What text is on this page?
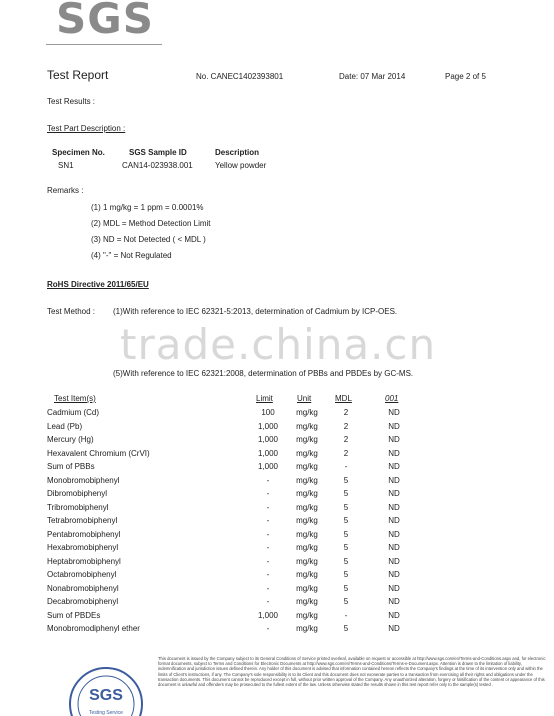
SGS
Test Report	No. CANEC1402393801	Date: 07 Mar 2014	Page 2 of 5
Test Results :
Test Part Description :
Specimen No.	SGS Sample ID	Description
SN1	CAN14-023938.001	Yellow powder
Remarks :
(1) 1 mg/kg = 1 ppm = 0.0001%
(2) MDL = Method Detection Limit
(3) ND = Not Detected ( < MDL )
(4) "-" = Not Regulated
RoHS Directive 2011/65/EU
Test Method : (1)With reference to IEC 62321-5:2013, determination of Cadmium by ICP-OES.
trade.china.cn
(5)With reference to IEC 62321:2008, determination of PBBs and PBDEs by GC-MS.
Test Item(s)	Limit	Unit	MDL	001
Cadmium (Cd)	100	mg/kg	2	ND
Lead (Pb)	1,000	mg/kg	2	ND
Mercury (Hg)	1,000	mg/kg	2	ND
Hexavalent Chromium (CrVI)	1,000	mg/kg	2	ND
Sum of PBBs	1,000	mg/kg	-	ND
Monobromobiphenyl	-	mg/kg	5	ND
Dibromobiphenyl	-	mg/kg	5	ND
Tribromobiphenyl	-	mg/kg	5	ND
Tetrabromobiphenyl	-	mg/kg	5	ND
Pentabromobiphenyl	-	mg/kg	5	ND
Hexabromobiphenyl	-	mg/kg	5	ND
Heptabromobiphenyl	-	mg/kg	5	ND
Octabromobiphenyl	-	mg/kg	5	ND
Nonabromobiphenyl	-	mg/kg	5	ND
Decabromobiphenyl	-	mg/kg	5	ND
Sum of PBDEs	1,000	mg/kg	-	ND
Monobromodiphenyl ether	-	mg/kg	5	ND
SGS
Testing Service
This document is issued by the Company subject to its General Conditions of Service printed overleaf, available on request or accessible at http://www.sgs.com/en/Terms-and-Conditions.aspx and, for electronic format documents, subject to Terms and Conditions for Electronic Documents at http://www.sgs.com/en/Terms-and-Conditions/Terms-e-Document.aspx. Attention is drawn to the limitation of liability, indemnification and jurisdiction issues defined therein. Any holder of this document is advised that information contained hereon reflects the Company's findings at the time of its intervention only and within the limits of Client's instructions, if any. The Company's sole responsibility is to its Client and this document does not exonerate parties to a transaction from exercising all their rights and obligations under the transaction documents. This document cannot be reproduced except in full, without prior written approval of the Company. Any unauthorized alteration, forgery or falsification of the content or appearance of this document is unlawful and offenders may be prosecuted to the fullest extent of the law. Unless otherwise stated the results shown in this test report refer only to the sample(s) tested .
